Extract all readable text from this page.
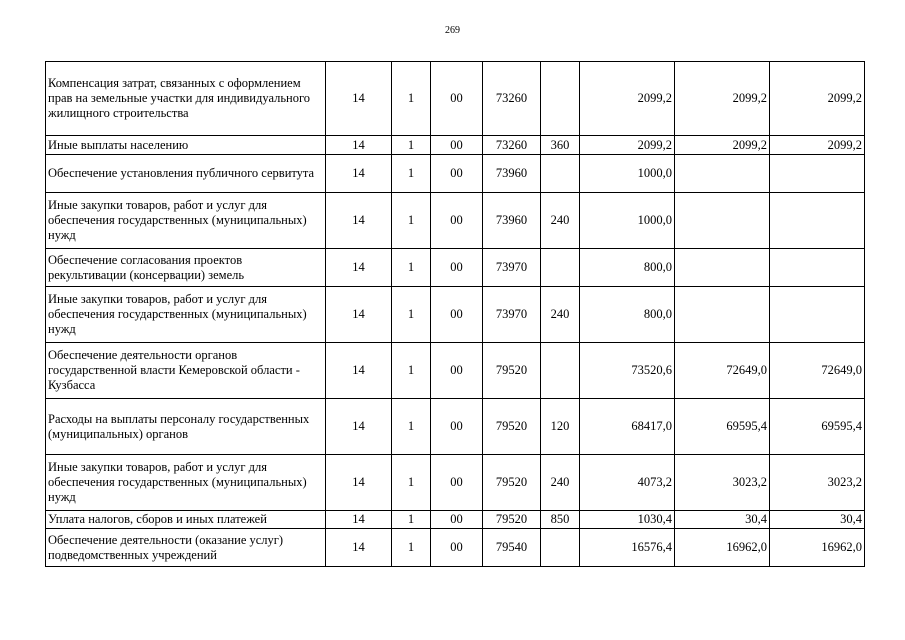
269
Компенсация затрат, связанных с оформлением прав на земельные участки для индивидуального жилищного строительства	14	1	00	73260		2099,2	2099,2	2099,2
Иные выплаты населению	14	1	00	73260	360	2099,2	2099,2	2099,2
Обеспечение установления публичного сервитута	14	1	00	73960		1000,0		
Иные закупки товаров, работ и услуг для обеспечения государственных (муниципальных) нужд	14	1	00	73960	240	1000,0		
Обеспечение согласования проектов рекультивации (консервации) земель	14	1	00	73970		800,0		
Иные закупки товаров, работ и услуг для обеспечения государственных (муниципальных) нужд	14	1	00	73970	240	800,0		
Обеспечение деятельности органов государственной власти Кемеровской области - Кузбасса	14	1	00	79520		73520,6	72649,0	72649,0
Расходы на выплаты персоналу государственных (муниципальных) органов	14	1	00	79520	120	68417,0	69595,4	69595,4
Иные закупки товаров, работ и услуг для обеспечения государственных (муниципальных) нужд	14	1	00	79520	240	4073,2	3023,2	3023,2
Уплата налогов, сборов и иных платежей	14	1	00	79520	850	1030,4	30,4	30,4
Обеспечение деятельности (оказание услуг) подведомственных учреждений	14	1	00	79540		16576,4	16962,0	16962,0
